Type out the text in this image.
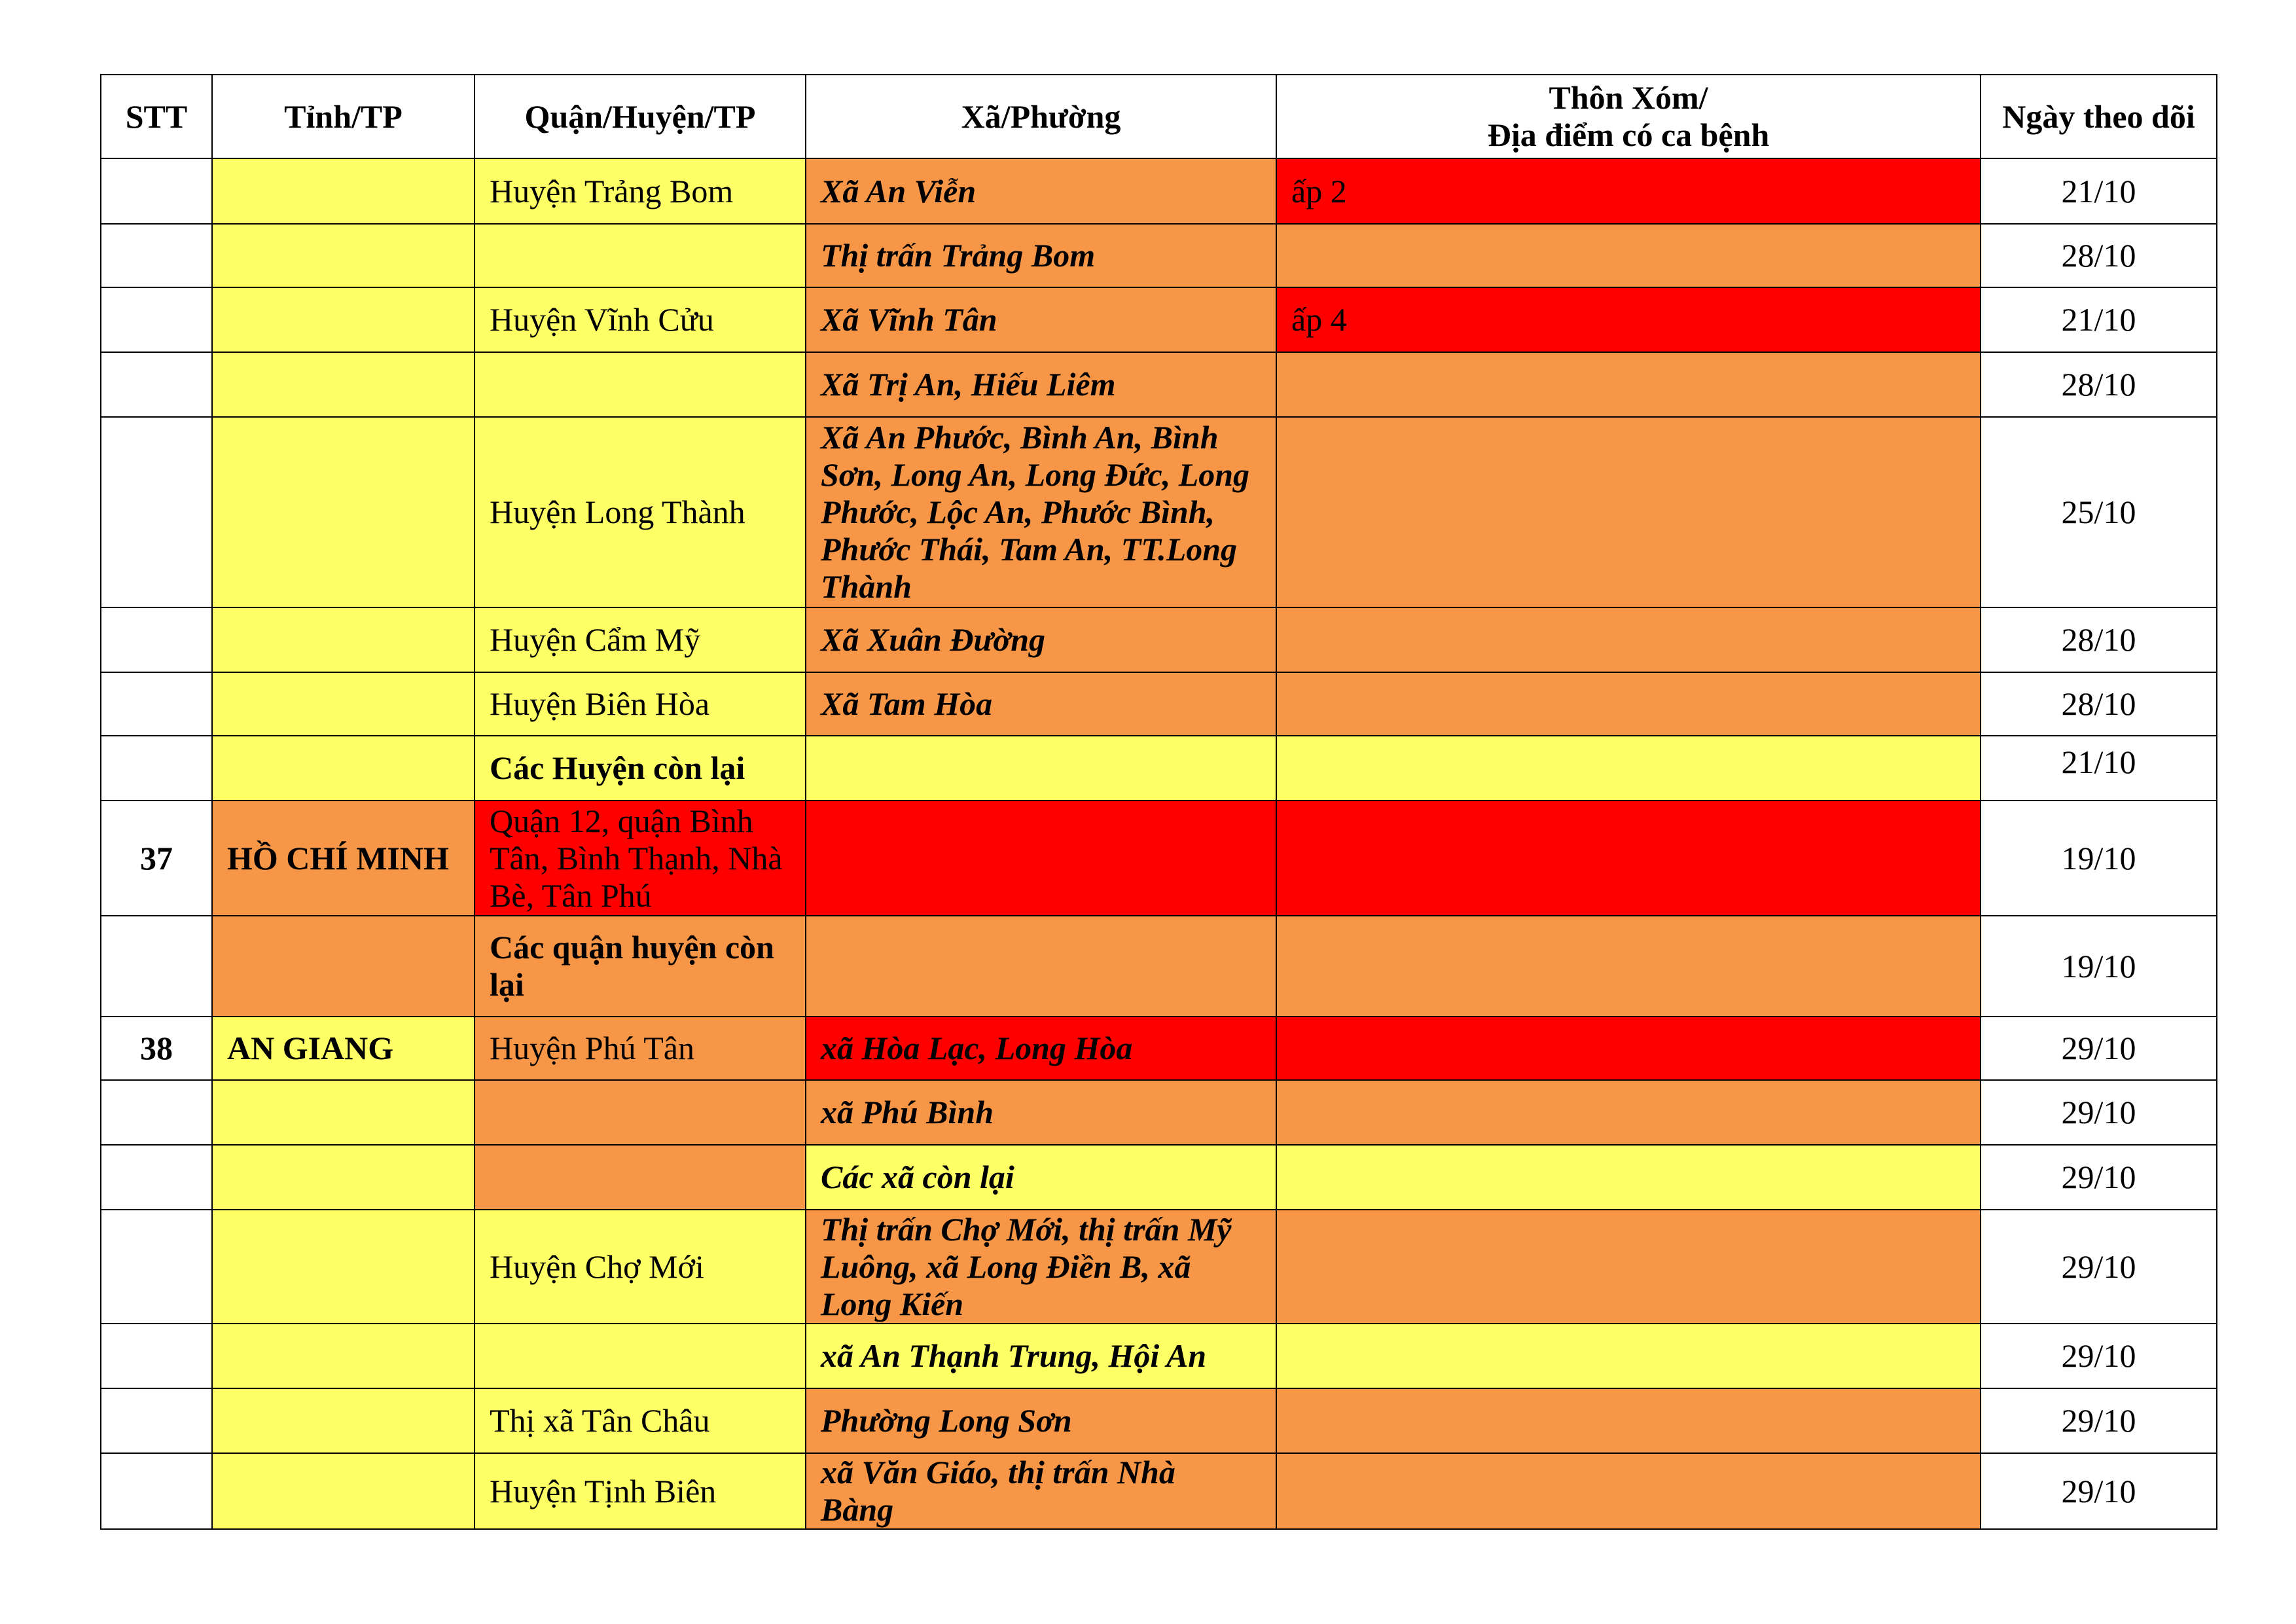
STT	Tỉnh/TP	Quận/Huyện/TP	Xã/Phường	Thôn Xóm/
Địa điểm có ca bệnh	Ngày theo dõi
		Huyện Trảng Bom	Xã An Viễn	ấp 2	21/10
			Thị trấn Trảng Bom		28/10
		Huyện Vĩnh Cửu	Xã Vĩnh Tân	ấp 4	21/10
			Xã Trị An, Hiếu Liêm		28/10
		Huyện Long Thành	Xã An Phước, Bình An, Bình
Sơn, Long An, Long Đức, Long
Phước, Lộc An, Phước Bình,
Phước Thái, Tam An, TT.Long
Thành		25/10
		Huyện Cẩm Mỹ	Xã Xuân Đường		28/10
		Huyện Biên Hòa	Xã Tam Hòa		28/10
		Các Huyện còn lại			21/10
37	HỒ CHÍ MINH	Quận 12, quận Bình
Tân, Bình Thạnh, Nhà
Bè, Tân Phú			19/10
		Các quận huyện còn
lại			19/10
38	AN GIANG	Huyện Phú Tân	xã Hòa Lạc, Long Hòa		29/10
			xã Phú Bình		29/10
			Các xã còn lại		29/10
		Huyện Chợ Mới	Thị trấn Chợ Mới, thị trấn Mỹ
Luông, xã Long Điền B, xã
Long Kiến		29/10
			xã An Thạnh Trung, Hội An		29/10
		Thị xã Tân Châu	Phường Long Sơn		29/10
		Huyện Tịnh Biên	xã Văn Giáo, thị trấn Nhà
Bàng		29/10
